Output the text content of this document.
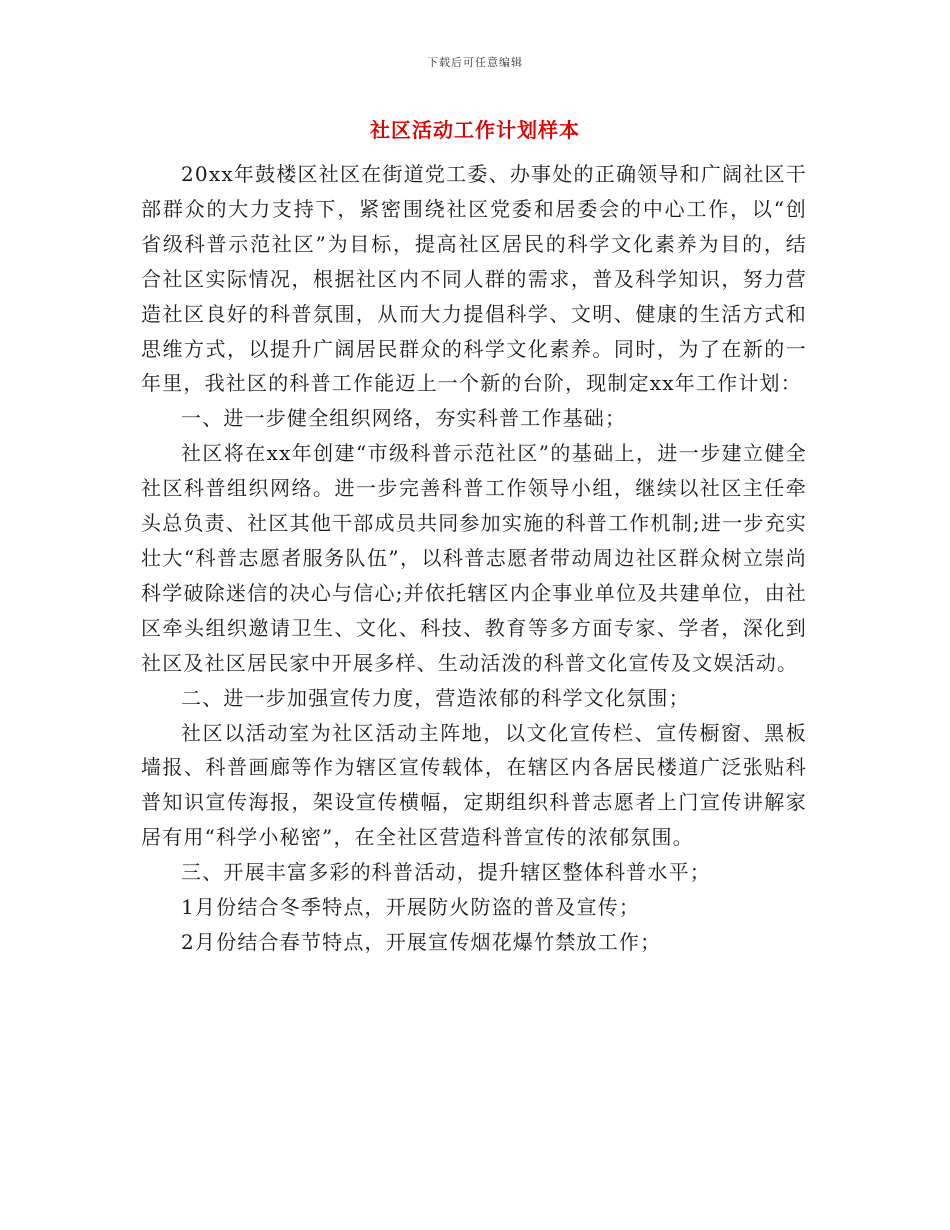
下载后可任意编辑
社区活动工作计划样本

20xx年鼓楼区社区在街道党工委、办事处的正确领导和广阔社区干部群众的大力支持下，紧密围绕社区党委和居委会的中心工作，以“创省级科普示范社区”为目标，提高社区居民的科学文化素养为目的，结合社区实际情况，根据社区内不同人群的需求，普及科学知识，努力营造社区良好的科普氛围，从而大力提倡科学、文明、健康的生活方式和思维方式，以提升广阔居民群众的科学文化素养。同时，为了在新的一年里，我社区的科普工作能迈上一个新的台阶，现制定xx年工作计划：

一、进一步健全组织网络，夯实科普工作基础；

社区将在xx年创建“市级科普示范社区”的基础上，进一步建立健全社区科普组织网络。进一步完善科普工作领导小组，继续以社区主任牵头总负责、社区其他干部成员共同参加实施的科普工作机制;进一步充实壮大“科普志愿者服务队伍”，以科普志愿者带动周边社区群众树立崇尚科学破除迷信的决心与信心;并依托辖区内企事业单位及共建单位，由社区牵头组织邀请卫生、文化、科技、教育等多方面专家、学者，深化到社区及社区居民家中开展多样、生动活泼的科普文化宣传及文娱活动。

二、进一步加强宣传力度，营造浓郁的科学文化氛围；

社区以活动室为社区活动主阵地，以文化宣传栏、宣传橱窗、黑板墙报、科普画廊等作为辖区宣传载体，在辖区内各居民楼道广泛张贴科普知识宣传海报，架设宣传横幅，定期组织科普志愿者上门宣传讲解家居有用“科学小秘密”，在全社区营造科普宣传的浓郁氛围。

三、开展丰富多彩的科普活动，提升辖区整体科普水平；

1月份结合冬季特点，开展防火防盗的普及宣传；

2月份结合春节特点，开展宣传烟花爆竹禁放工作；
